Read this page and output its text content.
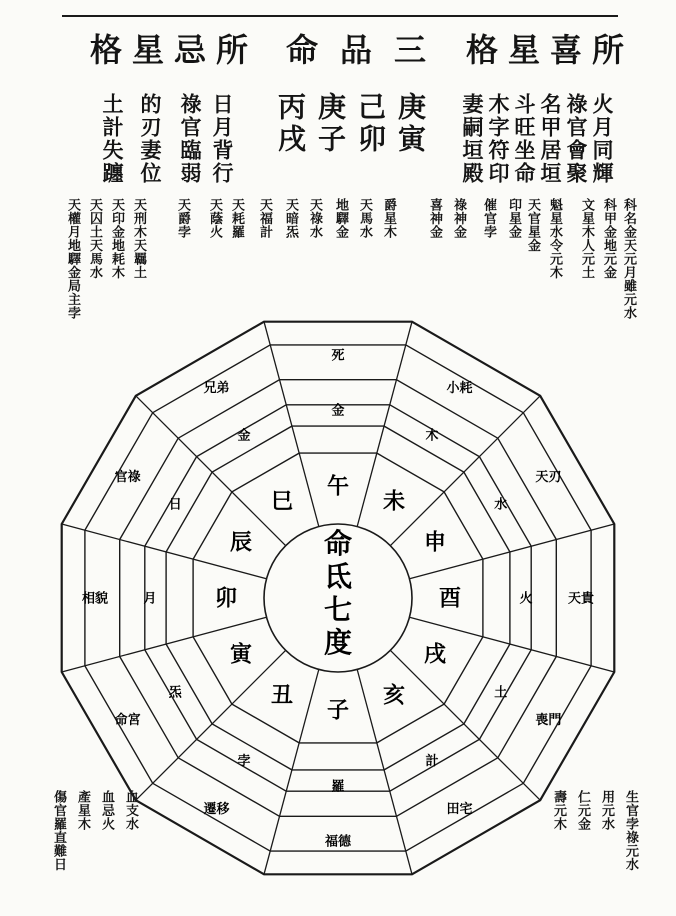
格星忌所 命品三 格星喜所
庚寅
己卯
庚子
丙戌	火月同輝
祿官會聚
名甲居垣
斗旺坐命
木字符印
妻嗣垣殿
日月背行
祿官臨弱
的刃妻位
土計失躔
科名金天元月雖元水
科甲金地元金
文星木人元土
魁星水令元木
天官星金
印星金
催官孛
祿神金
喜神金
天權月地驛金局主孛 天囚土天馬水 天印金地耗木 天刑木天羈土 天爵孛 天蔭火 天耗羅 天福計 天暗炁 天祿水 地驛金 天馬水 爵星木
生官孛祿元水
用元水
仁元金
壽元木
傷官羅直難日 產星木 血忌火 血支水
午
未
申
酉
戌
亥
子
丑
寅
卯
辰
巳
金
木
水
火
土
計
羅
孛
炁
月
日
金
死
小耗
天刃
天貴
喪門
田宅
福德
遷移
命宮
相貌
官祿
兄弟
命
氐
七
度
